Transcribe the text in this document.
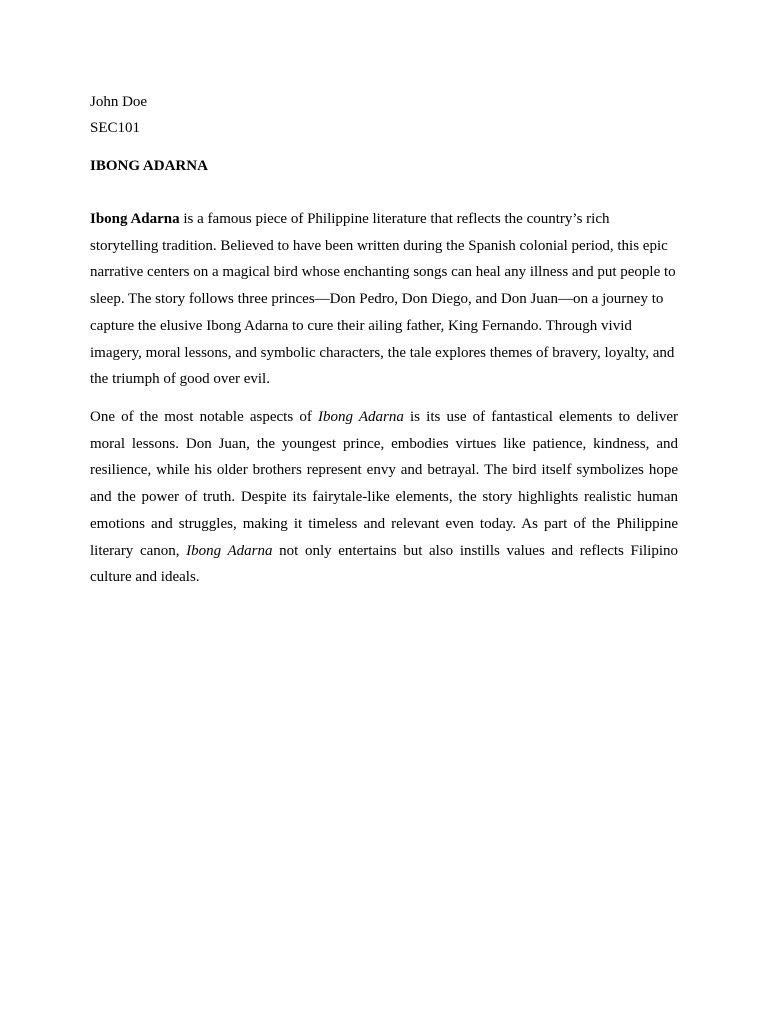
John Doe

SEC101

IBONG ADARNA

Ibong Adarna is a famous piece of Philippine literature that reflects the country’s rich storytelling tradition. Believed to have been written during the Spanish colonial period, this epic narrative centers on a magical bird whose enchanting songs can heal any illness and put people to sleep. The story follows three princes—Don Pedro, Don Diego, and Don Juan—on a journey to capture the elusive Ibong Adarna to cure their ailing father, King Fernando. Through vivid imagery, moral lessons, and symbolic characters, the tale explores themes of bravery, loyalty, and the triumph of good over evil.

One of the most notable aspects of Ibong Adarna is its use of fantastical elements to deliver moral lessons. Don Juan, the youngest prince, embodies virtues like patience, kindness, and resilience, while his older brothers represent envy and betrayal. The bird itself symbolizes hope and the power of truth. Despite its fairytale-like elements, the story highlights realistic human emotions and struggles, making it timeless and relevant even today. As part of the Philippine literary canon, Ibong Adarna not only entertains but also instills values and reflects Filipino culture and ideals.
